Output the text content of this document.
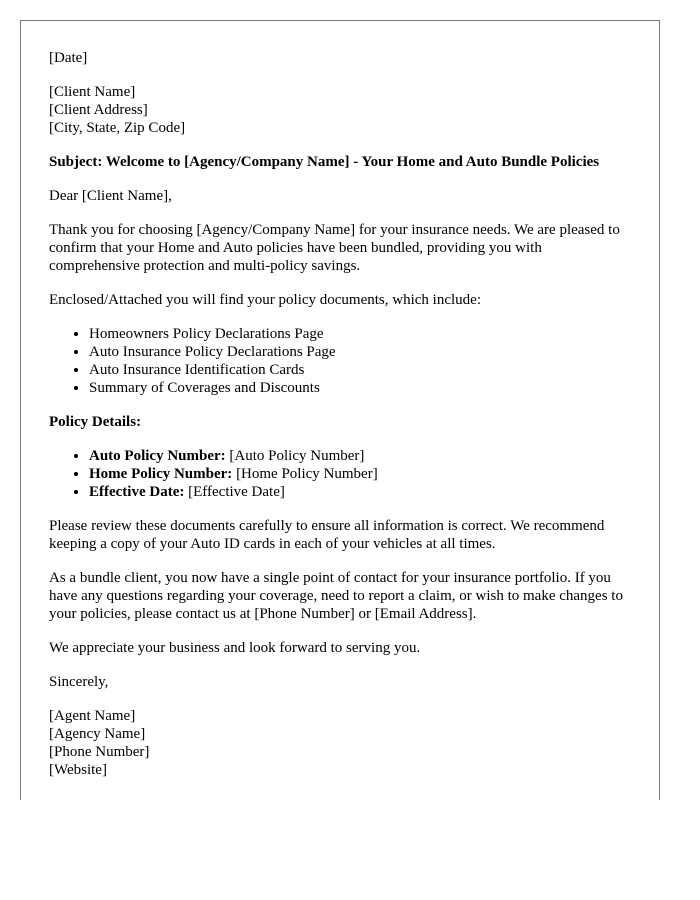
[Date]

[Client Name]
[Client Address]
[City, State, Zip Code]

Subject: Welcome to [Agency/Company Name] - Your Home and Auto Bundle Policies

Dear [Client Name],

Thank you for choosing [Agency/Company Name] for your insurance needs. We are pleased to confirm that your Home and Auto policies have been bundled, providing you with comprehensive protection and multi-policy savings.

Enclosed/Attached you will find your policy documents, which include:

• Homeowners Policy Declarations Page
• Auto Insurance Policy Declarations Page
• Auto Insurance Identification Cards
• Summary of Coverages and Discounts

Policy Details:

• Auto Policy Number: [Auto Policy Number]
• Home Policy Number: [Home Policy Number]
• Effective Date: [Effective Date]

Please review these documents carefully to ensure all information is correct. We recommend keeping a copy of your Auto ID cards in each of your vehicles at all times.

As a bundle client, you now have a single point of contact for your insurance portfolio. If you have any questions regarding your coverage, need to report a claim, or wish to make changes to your policies, please contact us at [Phone Number] or [Email Address].

We appreciate your business and look forward to serving you.

Sincerely,

[Agent Name]

[Agency Name]

[Phone Number]

[Website]
